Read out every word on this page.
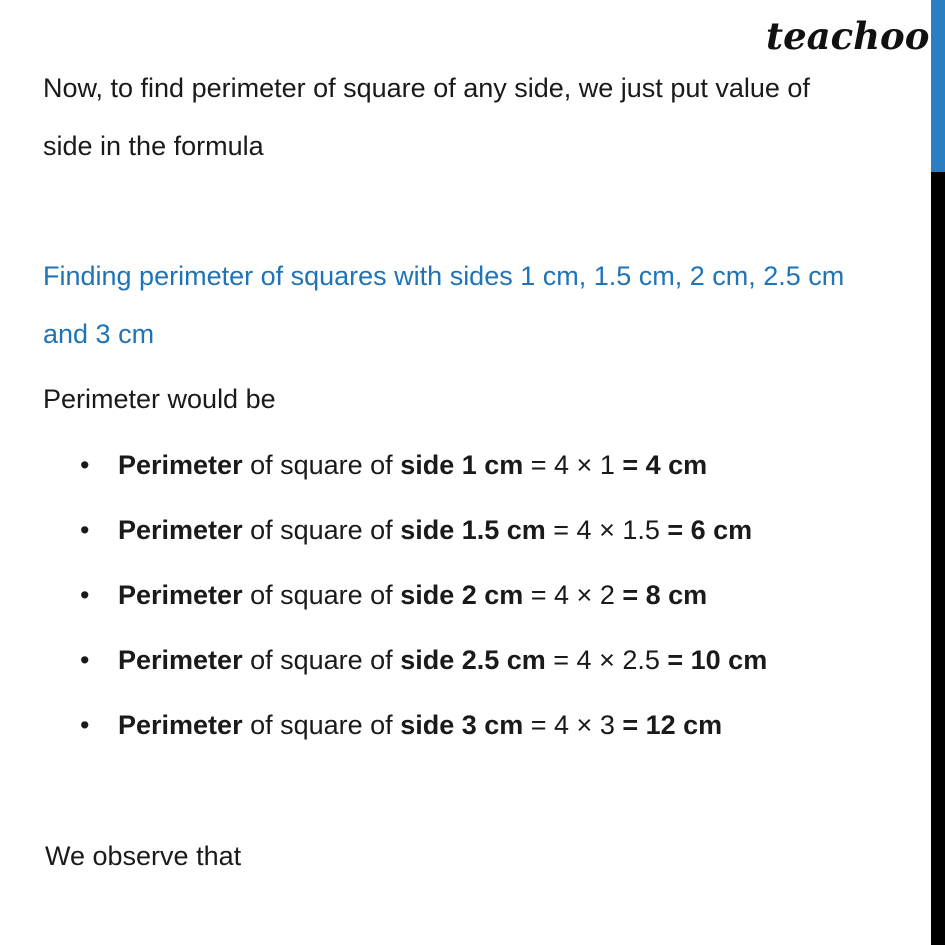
teachoo
Now, to find perimeter of square of any side, we just put value of
side in the formula
Finding perimeter of squares with sides 1 cm, 1.5 cm, 2 cm, 2.5 cm
and 3 cm
Perimeter would be
• Perimeter of square of side 1 cm = 4 × 1 = 4 cm
• Perimeter of square of side 1.5 cm = 4 × 1.5 = 6 cm
• Perimeter of square of side 2 cm = 4 × 2 = 8 cm
• Perimeter of square of side 2.5 cm = 4 × 2.5 = 10 cm
• Perimeter of square of side 3 cm = 4 × 3 = 12 cm
We observe that
